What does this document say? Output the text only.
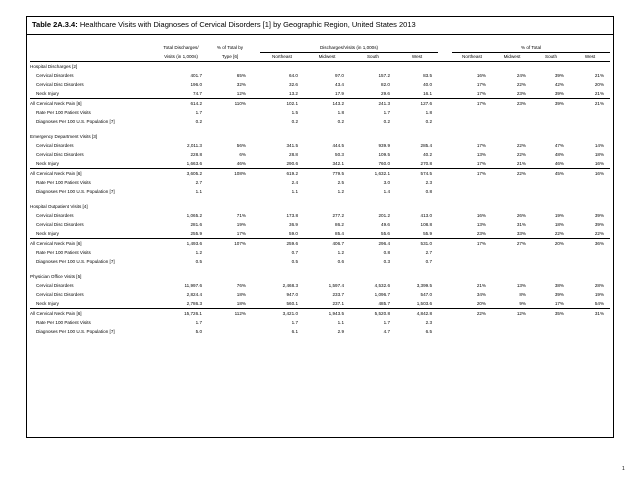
Table 2A.3.4: Healthcare Visits with Diagnoses of Cervical Disorders [1] by Geographic Region, United States 2013
	Total Discharges/	% of Total by		Discharges/Visits (in 1,000s)					% of Total			
	Visits (in 1,000s)	Type [6]		Northeast	Midwest	South	West		Northeast	Midwest	South	West
Hospital Discharges [2]												
Cervical Disorders	401.7	65%		64.0	97.0	157.2	83.5		16%	24%	39%	21%
Cervical Disc Disorders	196.0	32%		32.6	43.4	82.0	40.0		17%	22%	42%	20%
Neck Injury	74.7	12%		13.2	17.9	29.6	16.1		17%	23%	39%	21%
All Cervical Neck Pain [6]	614.2	110%		102.1	143.2	241.3	127.6		17%	23%	39%	21%
Rate Per 100 Patient Visits	1.7			1.5	1.8	1.7	1.8					
Diagnoses Per 100 U.S. Population [7]	0.2			0.2	0.2	0.2	0.2					

Emergency Department Visits [3]												
Cervical Disorders	2,011.3	56%		341.5	444.5	939.9	285.4		17%	22%	47%	14%
Cervical Disc Disorders	228.8	6%		28.8	50.3	109.5	40.2		13%	22%	48%	18%
Neck Injury	1,663.6	46%		290.6	342.1	760.0	270.8		17%	21%	46%	16%
All Cervical Neck Pain [6]	3,605.2	108%		619.2	779.5	1,632.1	574.5		17%	22%	45%	16%
Rate Per 100 Patient Visits	2.7			2.4	2.5	3.0	2.3					
Diagnoses Per 100 U.S. Population [7]	1.1			1.1	1.2	1.4	0.8					

Hospital Outpatient Visits [4]												
Cervical Disorders	1,065.2	71%		173.8	277.2	201.2	413.0		16%	26%	19%	39%
Cervical Disc Disorders	281.6	19%		36.9	86.2	49.6	108.8		13%	31%	18%	39%
Neck Injury	255.9	17%		59.0	85.4	55.6	55.9		23%	33%	22%	22%
All Cervical Neck Pain [6]	1,493.6	107%		259.6	406.7	296.4	531.0		17%	27%	20%	36%
Rate Per 100 Patient Visits	1.2			0.7	1.2	0.8	2.7					
Diagnoses Per 100 U.S. Population [7]	0.5			0.5	0.6	0.3	0.7					

Physician Office Visits [5]												
Cervical Disorders	11,997.6	76%		2,468.3	1,597.4	4,532.6	3,399.5		21%	13%	38%	28%
Cervical Disc Disorders	2,824.4	18%		947.0	233.7	1,096.7	547.0		34%	8%	39%	19%
Neck Injury	2,786.3	18%		560.1	237.1	485.7	1,503.6		20%	9%	17%	54%
All Cervical Neck Pain [6]	15,726.1	112%		3,421.0	1,943.5	5,520.8	4,842.8		22%	12%	35%	31%
Rate Per 100 Patient Visits	1.7			1.7	1.1	1.7	2.3					
Diagnoses Per 100 U.S. Population [7]	5.0			6.1	2.9	4.7	6.5					
1
